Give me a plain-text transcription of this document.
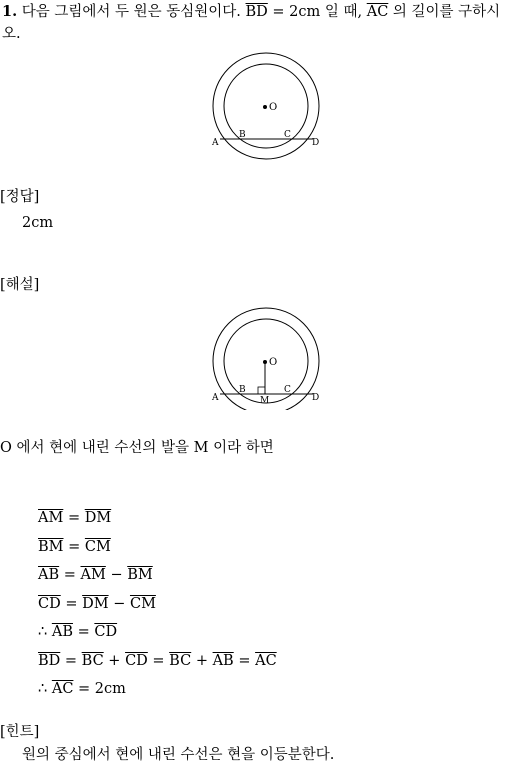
1. 다음 그림에서 두 원은 동심원이다. $\overline{BD} = 2cm$ 일 때, $\overline{AC}$ 의 길이를 구하시
오.
O
B	C
A	D
[정답]
2cm
[해설]
O
B	C
A	D
M
O 에서 현에 내린 수선의 발을 M 이라 하면
$\overline{AM} = \overline{DM}$
$\overline{BM} = \overline{CM}$
$\overline{AB} = \overline{AM} - \overline{BM}$
$\overline{CD} = \overline{DM} - \overline{CM}$
∴ $\overline{AB} = \overline{CD}$
$\overline{BD} = \overline{BC} + \overline{CD} = \overline{BC} + \overline{AB} = \overline{AC}$
∴ $\overline{AC} = 2cm$
[힌트]
원의 중심에서 현에 내린 수선은 현을 이등분한다.
